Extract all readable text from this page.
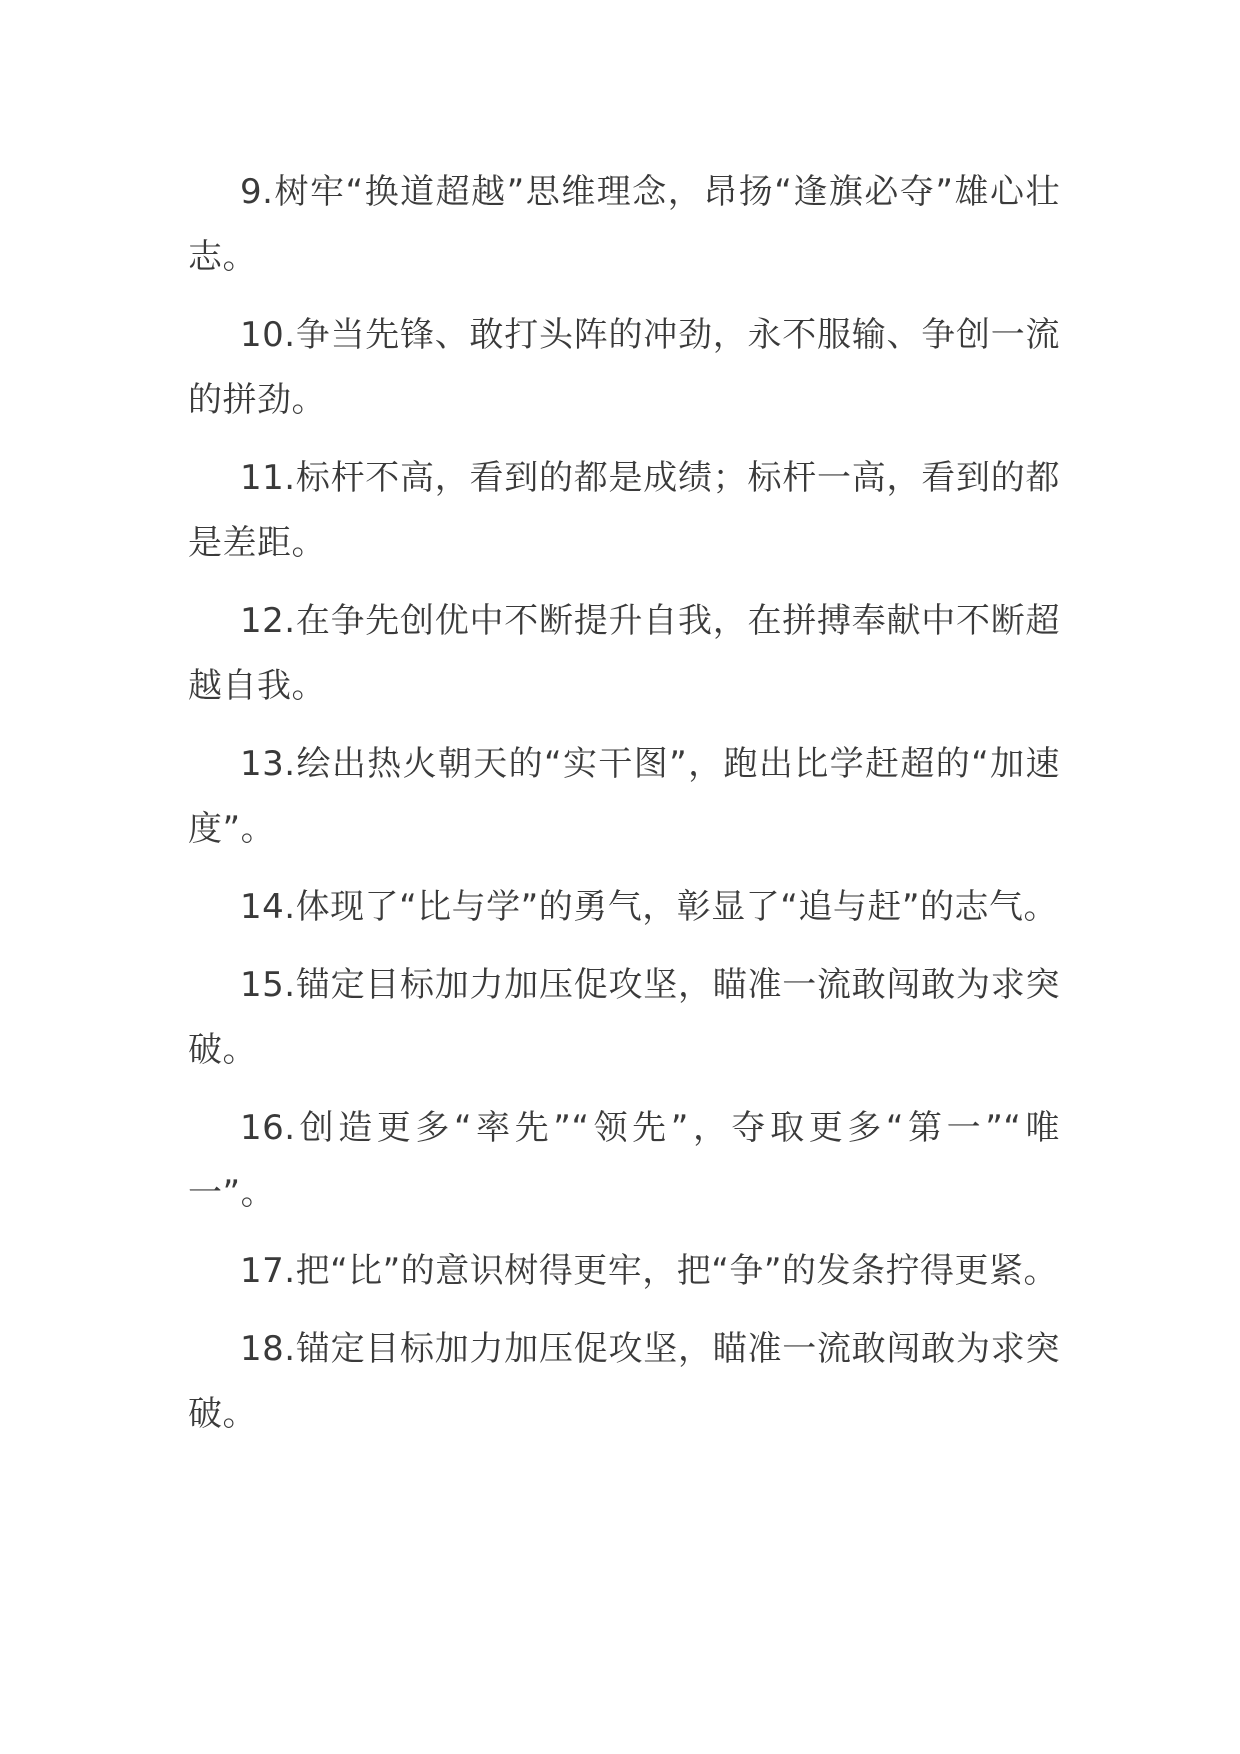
9.树牢“换道超越”思维理念，昂扬“逢旗必夺”雄心壮志。

10.争当先锋、敢打头阵的冲劲，永不服输、争创一流的拼劲。

11.标杆不高，看到的都是成绩；标杆一高，看到的都是差距。

12.在争先创优中不断提升自我，在拼搏奉献中不断超越自我。

13.绘出热火朝天的“实干图”，跑出比学赶超的“加速度”。

14.体现了“比与学”的勇气，彰显了“追与赶”的志气。

15.锚定目标加力加压促攻坚，瞄准一流敢闯敢为求突破。

16.创造更多“率先”“领先”，夺取更多“第一”“唯一”。

17.把“比”的意识树得更牢，把“争”的发条拧得更紧。

18.锚定目标加力加压促攻坚，瞄准一流敢闯敢为求突破。
